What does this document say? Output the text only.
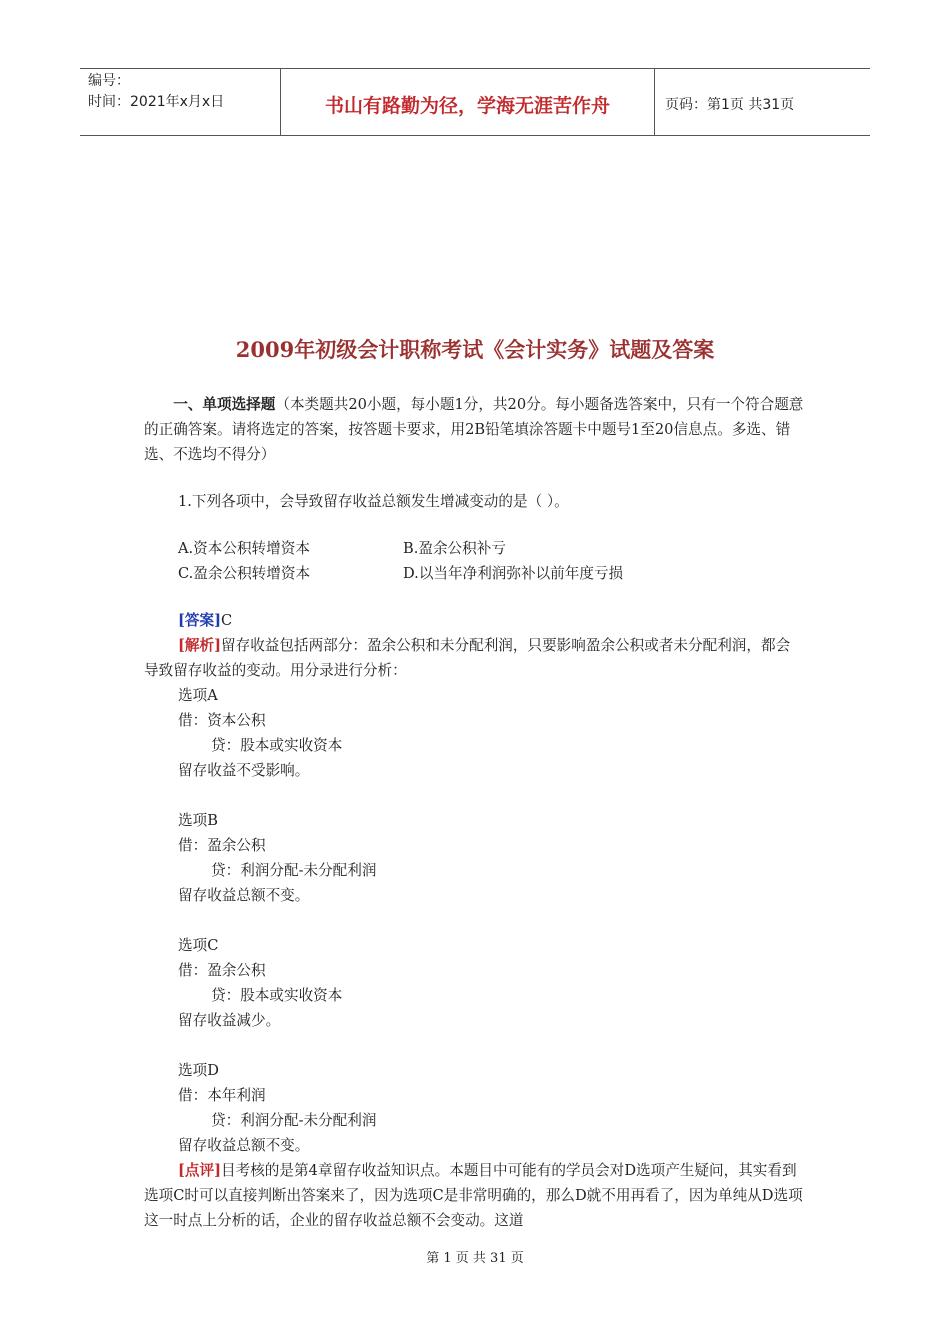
编号：
时间：2021年x月x日	书山有路勤为径，学海无涯苦作舟	页码：第1页 共31页
2009年初级会计职称考试《会计实务》试题及答案

一、单项选择题（本类题共20小题，每小题1分，共20分。每小题备选答案中，只有一个符合题意的正确答案。请将选定的答案，按答题卡要求，用2B铅笔填涂答题卡中题号1至20信息点。多选、错选、不选均不得分）

1.下列各项中，会导致留存收益总额发生增减变动的是（ ）。

A.资本公积转增资本	B.盈余公积补亏
C.盈余公积转增资本	D.以当年净利润弥补以前年度亏损

[答案]C

[解析]留存收益包括两部分：盈余公积和未分配利润，只要影响盈余公积或者未分配利润，都会导致留存收益的变动。用分录进行分析：

选项A

借：资本公积

贷：股本或实收资本

留存收益不受影响。

选项B

借：盈余公积

贷：利润分配-未分配利润

留存收益总额不变。

选项C

借：盈余公积

贷：股本或实收资本

留存收益减少。

选项D

借：本年利润

贷：利润分配-未分配利润

留存收益总额不变。

[点评]目考核的是第4章留存收益知识点。本题目中可能有的学员会对D选项产生疑问，其实看到选项C时可以直接判断出答案来了，因为选项C是非常明确的，那么D就不用再看了，因为单纯从D选项这一时点上分析的话，企业的留存收益总额不会变动。这道

第 1 页 共 31 页
